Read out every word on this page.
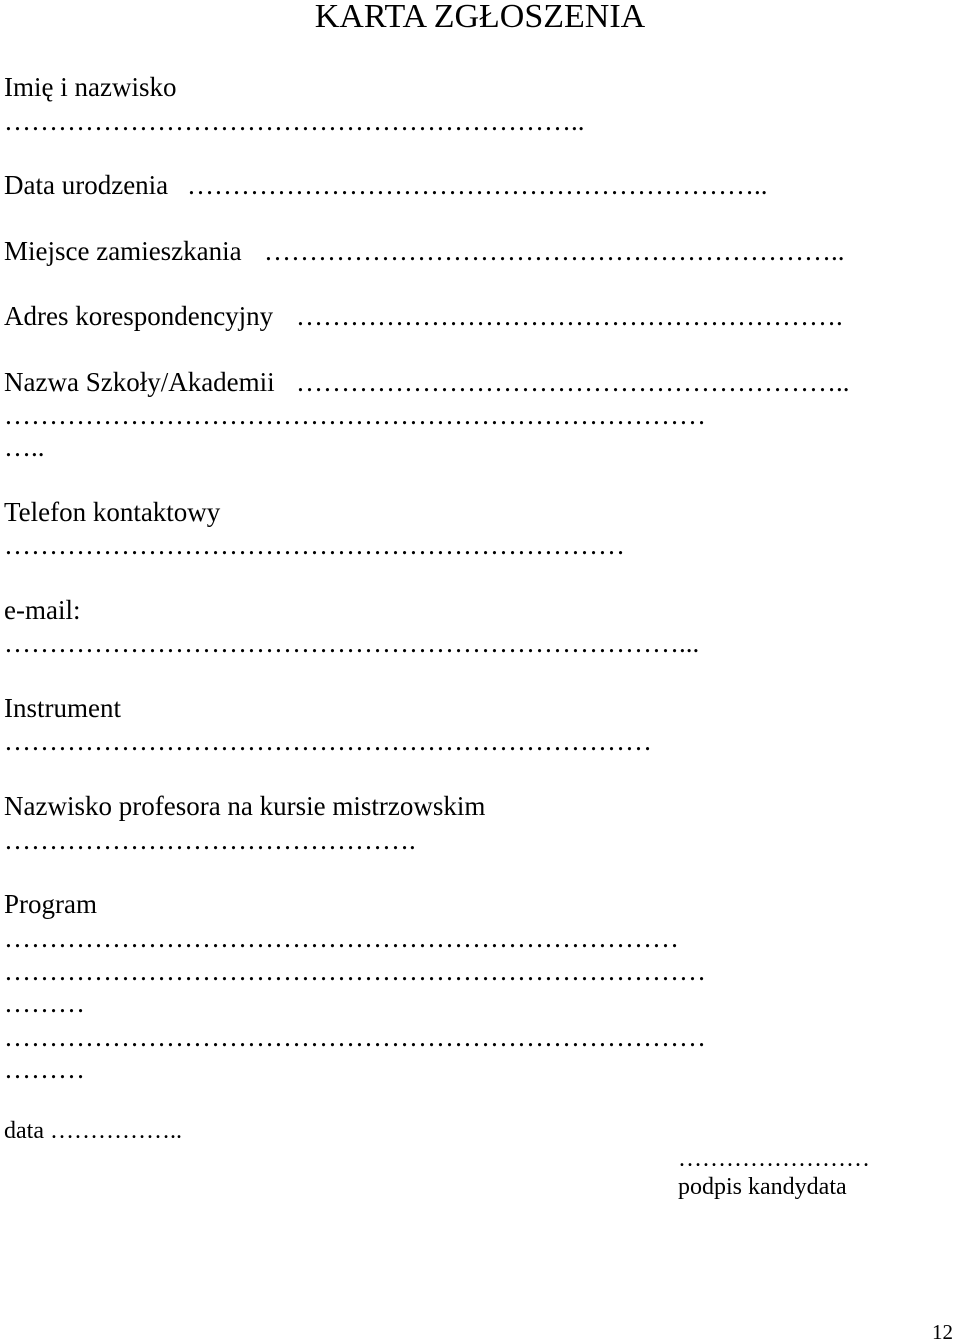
KARTA ZGŁOSZENIA
Imię i nazwisko
………………………………………………………..
Data urodzenia ………………………………………………………..
Miejsce zamieszkania ………………………………………………………..
Adres korespondencyjny …………………………………………………….
Nazwa Szkoły/Akademii ……………………………………………………..
……………………………………………………………………
…..
Telefon kontaktowy
……………………………………………………………
e-mail:
…………………………………………………………………...
Instrument
………………………………………………………………
Nazwisko profesora na kursie mistrzowskim
……………………………………….
Program
…………………………………………………………………
……………………………………………………………………
………
……………………………………………………………………
………
data ……………..
……………………
podpis kandydata
12
